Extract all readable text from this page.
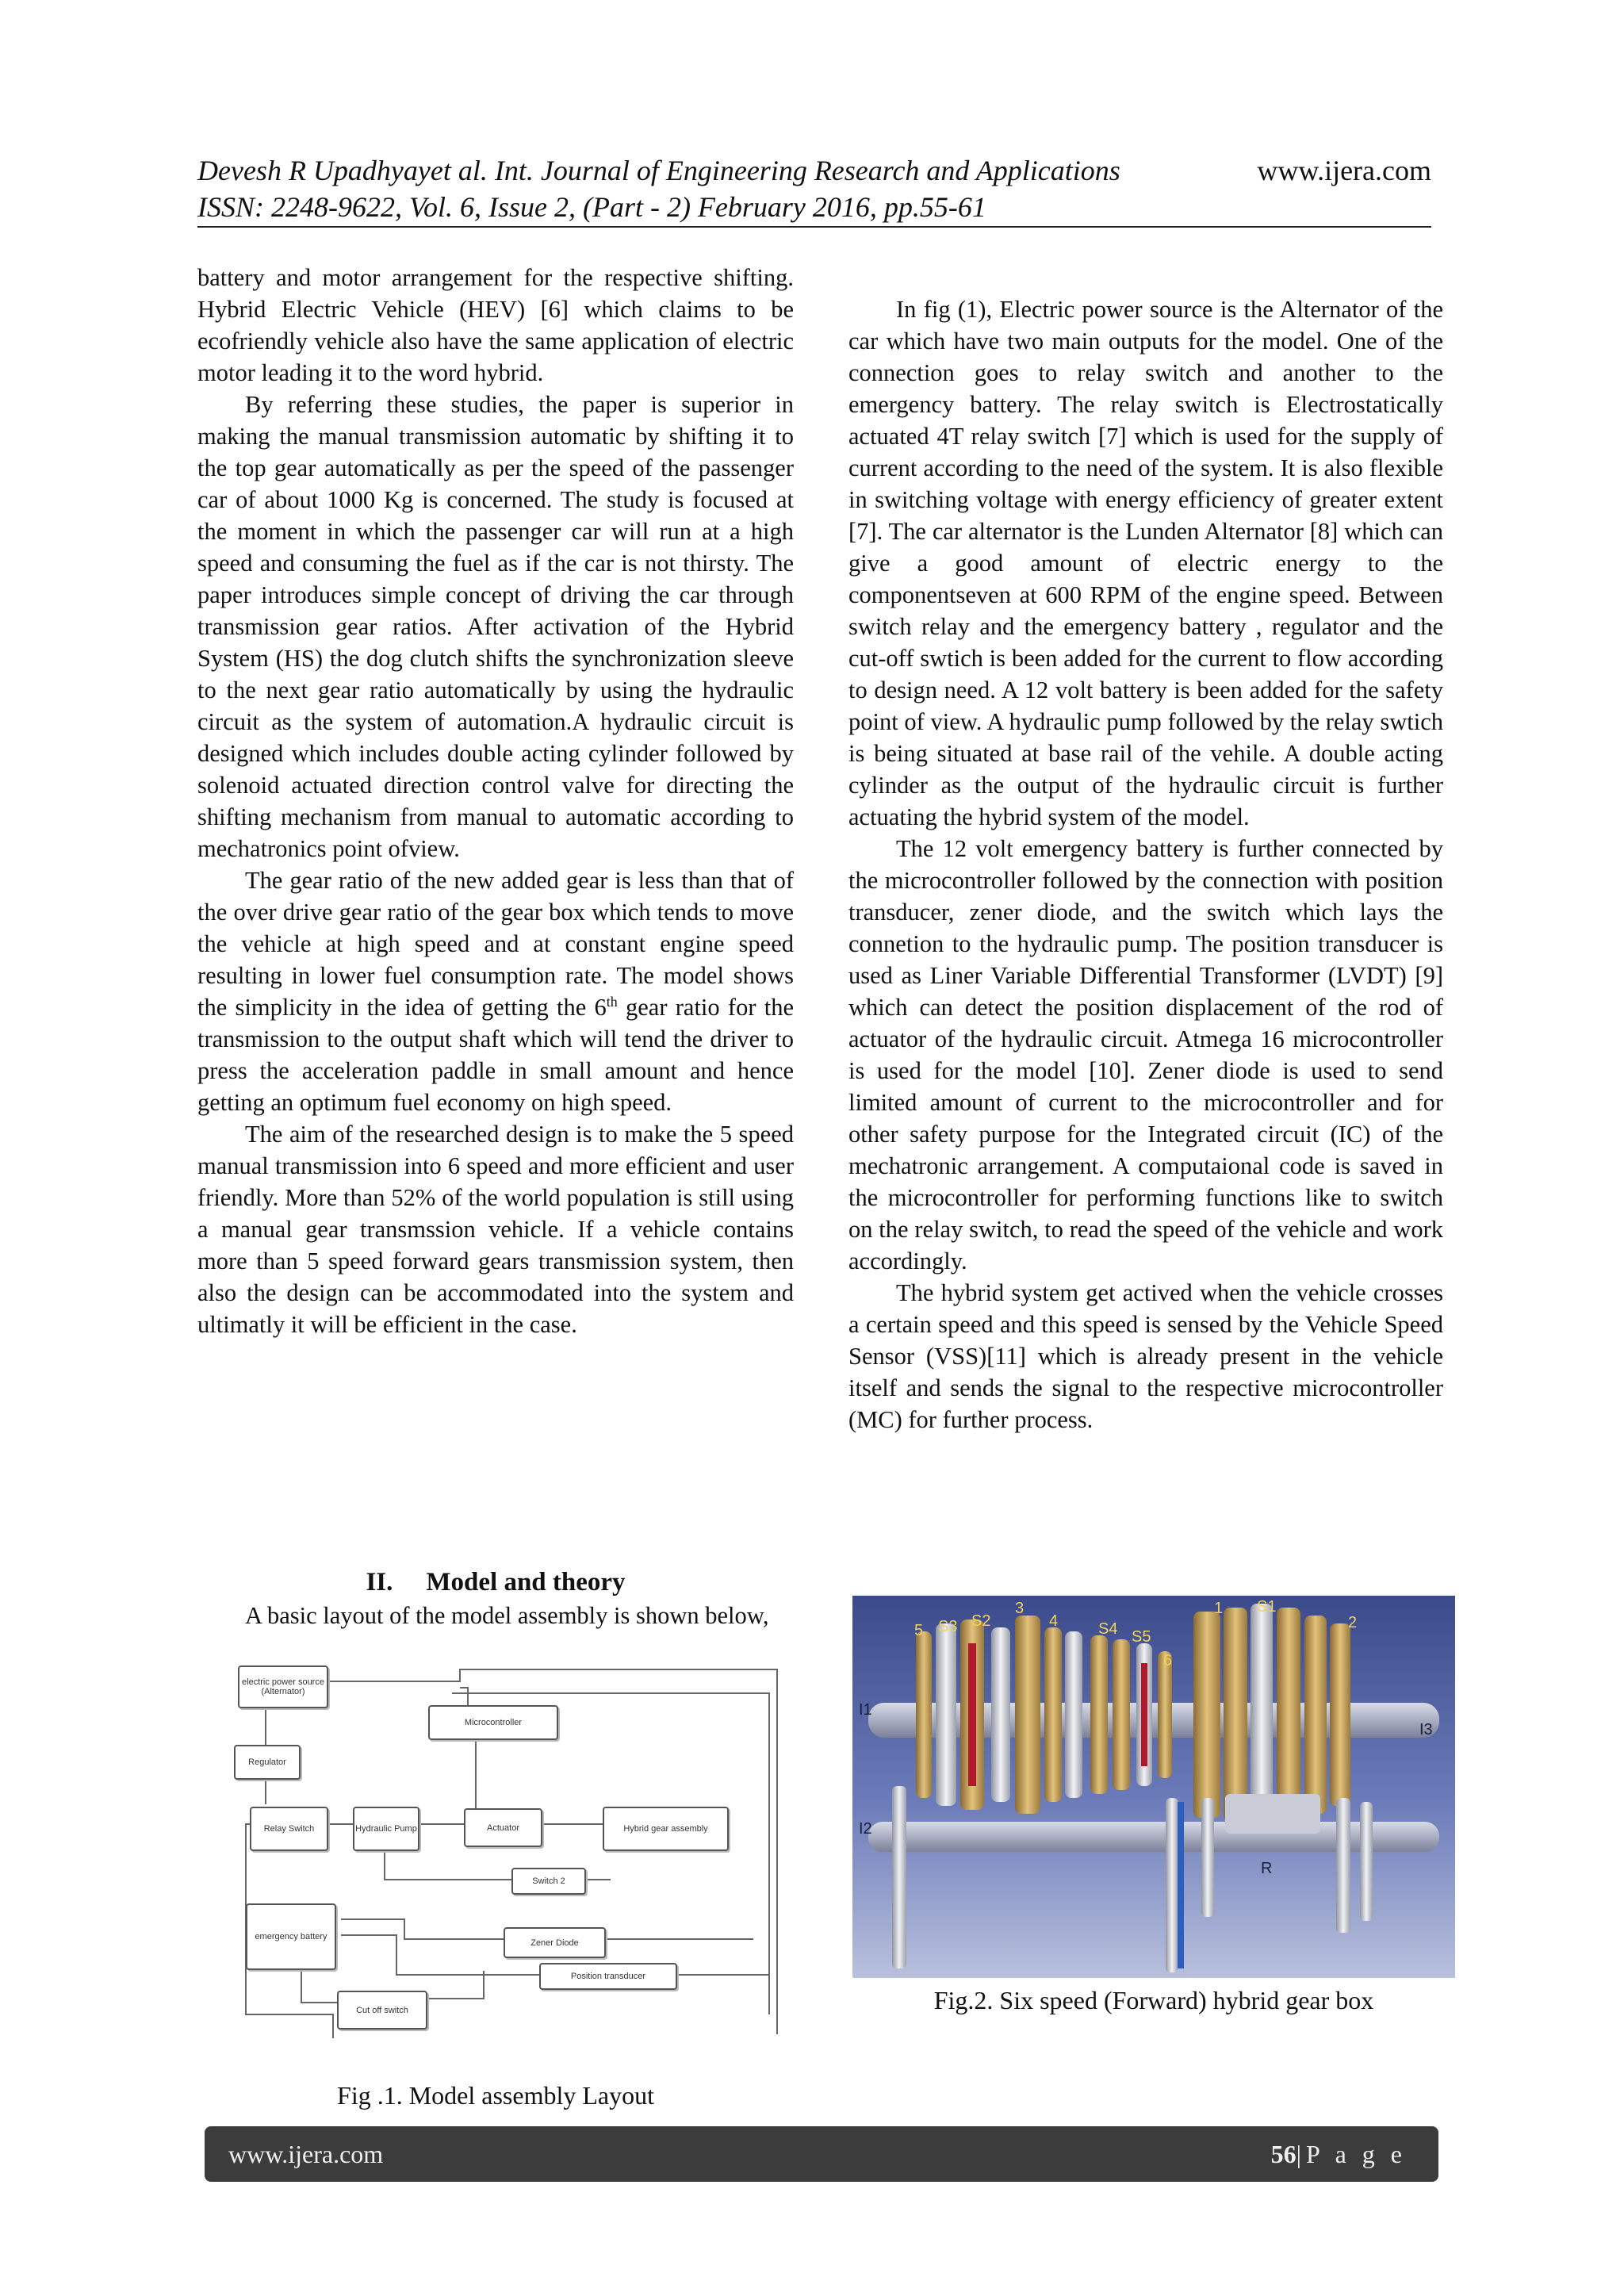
Devesh R Upadhyayet al. Int. Journal of Engineering Research and Applications	www.ijera.com
ISSN: 2248-9622, Vol. 6, Issue 2, (Part - 2) February 2016, pp.55-61

battery and motor arrangement for the respective shifting. Hybrid Electric Vehicle (HEV) [6] which claims to be ecofriendly vehicle also have the same application of electric motor leading it to the word hybrid.

By referring these studies, the paper is superior in making the manual transmission automatic by shifting it to the top gear automatically as per the speed of the passenger car of about 1000 Kg is concerned. The study is focused at the moment in which the passenger car will run at a high speed and consuming the fuel as if the car is not thirsty. The paper introduces simple concept of driving the car through transmission gear ratios. After activation of the Hybrid System (HS) the dog clutch shifts the synchronization sleeve to the next gear ratio automatically by using the hydraulic circuit as the system of automation.A hydraulic circuit is designed which includes double acting cylinder followed by solenoid actuated direction control valve for directing the shifting mechanism from manual to automatic according to mechatronics point ofview.

The gear ratio of the new added gear is less than that of the over drive gear ratio of the gear box which tends to move the vehicle at high speed and at constant engine speed resulting in lower fuel consumption rate. The model shows the simplicity in the idea of getting the 6th gear ratio for the transmission to the output shaft which will tend the driver to press the acceleration paddle in small amount and hence getting an optimum fuel economy on high speed.

The aim of the researched design is to make the 5 speed manual transmission into 6 speed and more efficient and user friendly. More than 52% of the world population is still using a manual gear transmssion vehicle. If a vehicle contains more than 5 speed forward gears transmission system, then also the design can be accommodated into the system and ultimatly it will be efficient in the case.

II. Model and theory

A basic layout of the model assembly is shown below,

electric power source (Alternator)
Microcontroller
Regulator
Relay Switch	Hydraulic Pump	Actuator	Hybrid gear assembly
Switch 2
emergency battery
Zener Diode
Position transducer
Cut off switch
Fig .1. Model assembly Layout

In fig (1), Electric power source is the Alternator of the car which have two main outputs for the model. One of the connection goes to relay switch and another to the emergency battery. The relay switch is Electrostatically actuated 4T relay switch [7] which is used for the supply of current according to the need of the system. It is also flexible in switching voltage with energy efficiency of greater extent [7]. The car alternator is the Lunden Alternator [8] which can give a good amount of electric energy to the componentseven at 600 RPM of the engine speed. Between switch relay and the emergency battery , regulator and the cut-off swtich is been added for the current to flow according to design need. A 12 volt battery is been added for the safety point of view. A hydraulic pump followed by the relay swtich is being situated at base rail of the vehile. A double acting cylinder as the output of the hydraulic circuit is further actuating the hybrid system of the model.

The 12 volt emergency battery is further connected by the microcontroller followed by the connection with position transducer, zener diode, and the switch which lays the connetion to the hydraulic pump. The position transducer is used as Liner Variable Differential Transformer (LVDT) [9] which can detect the position displacement of the rod of actuator of the hydraulic circuit. Atmega 16 microcontroller is used for the model [10]. Zener diode is used to send limited amount of current to the microcontroller and for other safety purpose for the Integrated circuit (IC) of the mechatronic arrangement. A computaional code is saved in the microcontroller for performing functions like to switch on the relay switch, to read the speed of the vehicle and work accordingly.

The hybrid system get actived when the vehicle crosses a certain speed and this speed is sensed by the Vehicle Speed Sensor (VSS)[11] which is already present in the vehicle itself and sends the signal to the respective microcontroller (MC) for further process.

5 S3 S2
3
4	S4 S5
6
1 S1
2
I1
I2
I3
R
Fig.2. Six speed (Forward) hybrid gear box
www.ijera.com	56|P a g e
